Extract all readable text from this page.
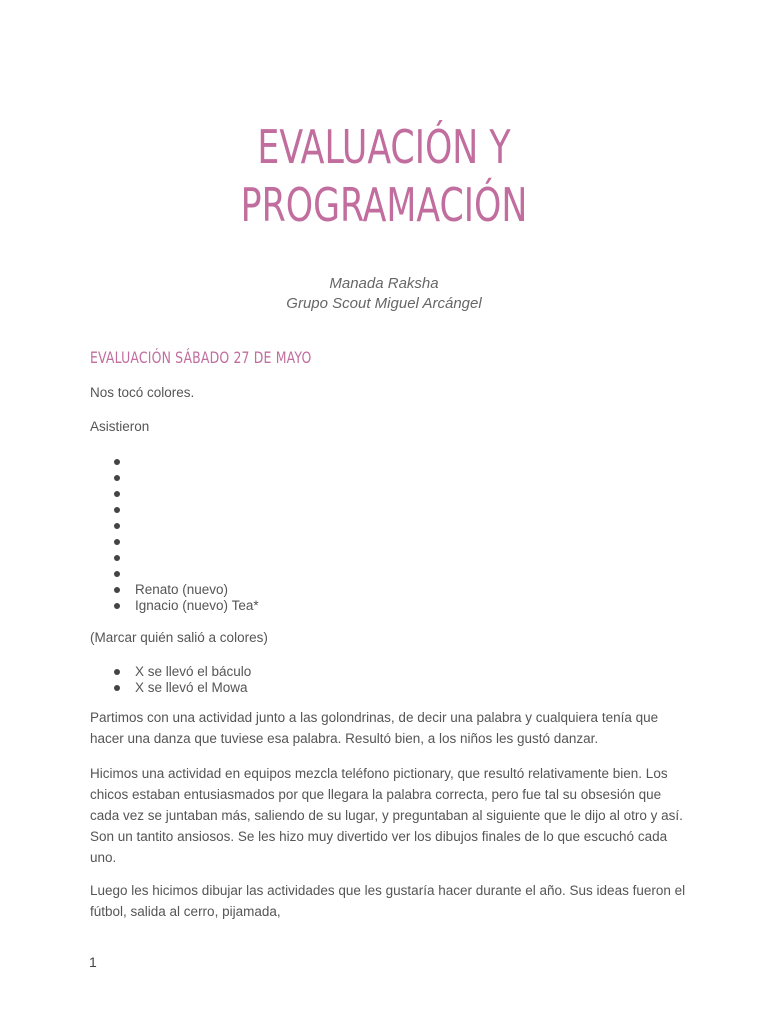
EVALUACIÓN Y
PROGRAMACIÓN
Manada Raksha
Grupo Scout Miguel Arcángel
EVALUACIÓN SÁBADO 27 DE MAYO
Nos tocó colores.
Asistieron
Renato (nuevo)
Ignacio (nuevo) Tea*
(Marcar quién salió a colores)
X se llevó el báculo
X se llevó el Mowa
Partimos con una actividad junto a las golondrinas, de decir una palabra y cualquiera tenía que hacer una danza que tuviese esa palabra. Resultó bien, a los niños les gustó danzar.
Hicimos una actividad en equipos mezcla teléfono pictionary, que resultó relativamente bien. Los chicos estaban entusiasmados por que llegara la palabra correcta, pero fue tal su obsesión que cada vez se juntaban más, saliendo de su lugar, y preguntaban al siguiente que le dijo al otro y así. Son un tantito ansiosos. Se les hizo muy divertido ver los dibujos finales de lo que escuchó cada uno.
Luego les hicimos dibujar las actividades que les gustaría hacer durante el año. Sus ideas fueron el fútbol, salida al cerro, pijamada,
1
